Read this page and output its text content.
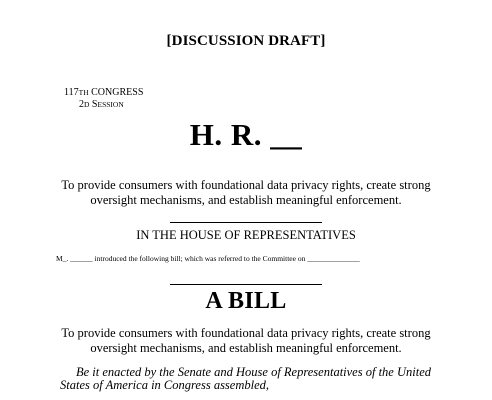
[DISCUSSION DRAFT]
117TH CONGRESS
2D SESSION
H. R. __
To provide consumers with foundational data privacy rights, create strong oversight mechanisms, and establish meaningful enforcement.
IN THE HOUSE OF REPRESENTATIVES
M_. ______ introduced the following bill; which was referred to the Committee on ______________
A BILL
To provide consumers with foundational data privacy rights, create strong oversight mechanisms, and establish meaningful enforcement.
Be it enacted by the Senate and House of Representatives of the United States of America in Congress assembled,
